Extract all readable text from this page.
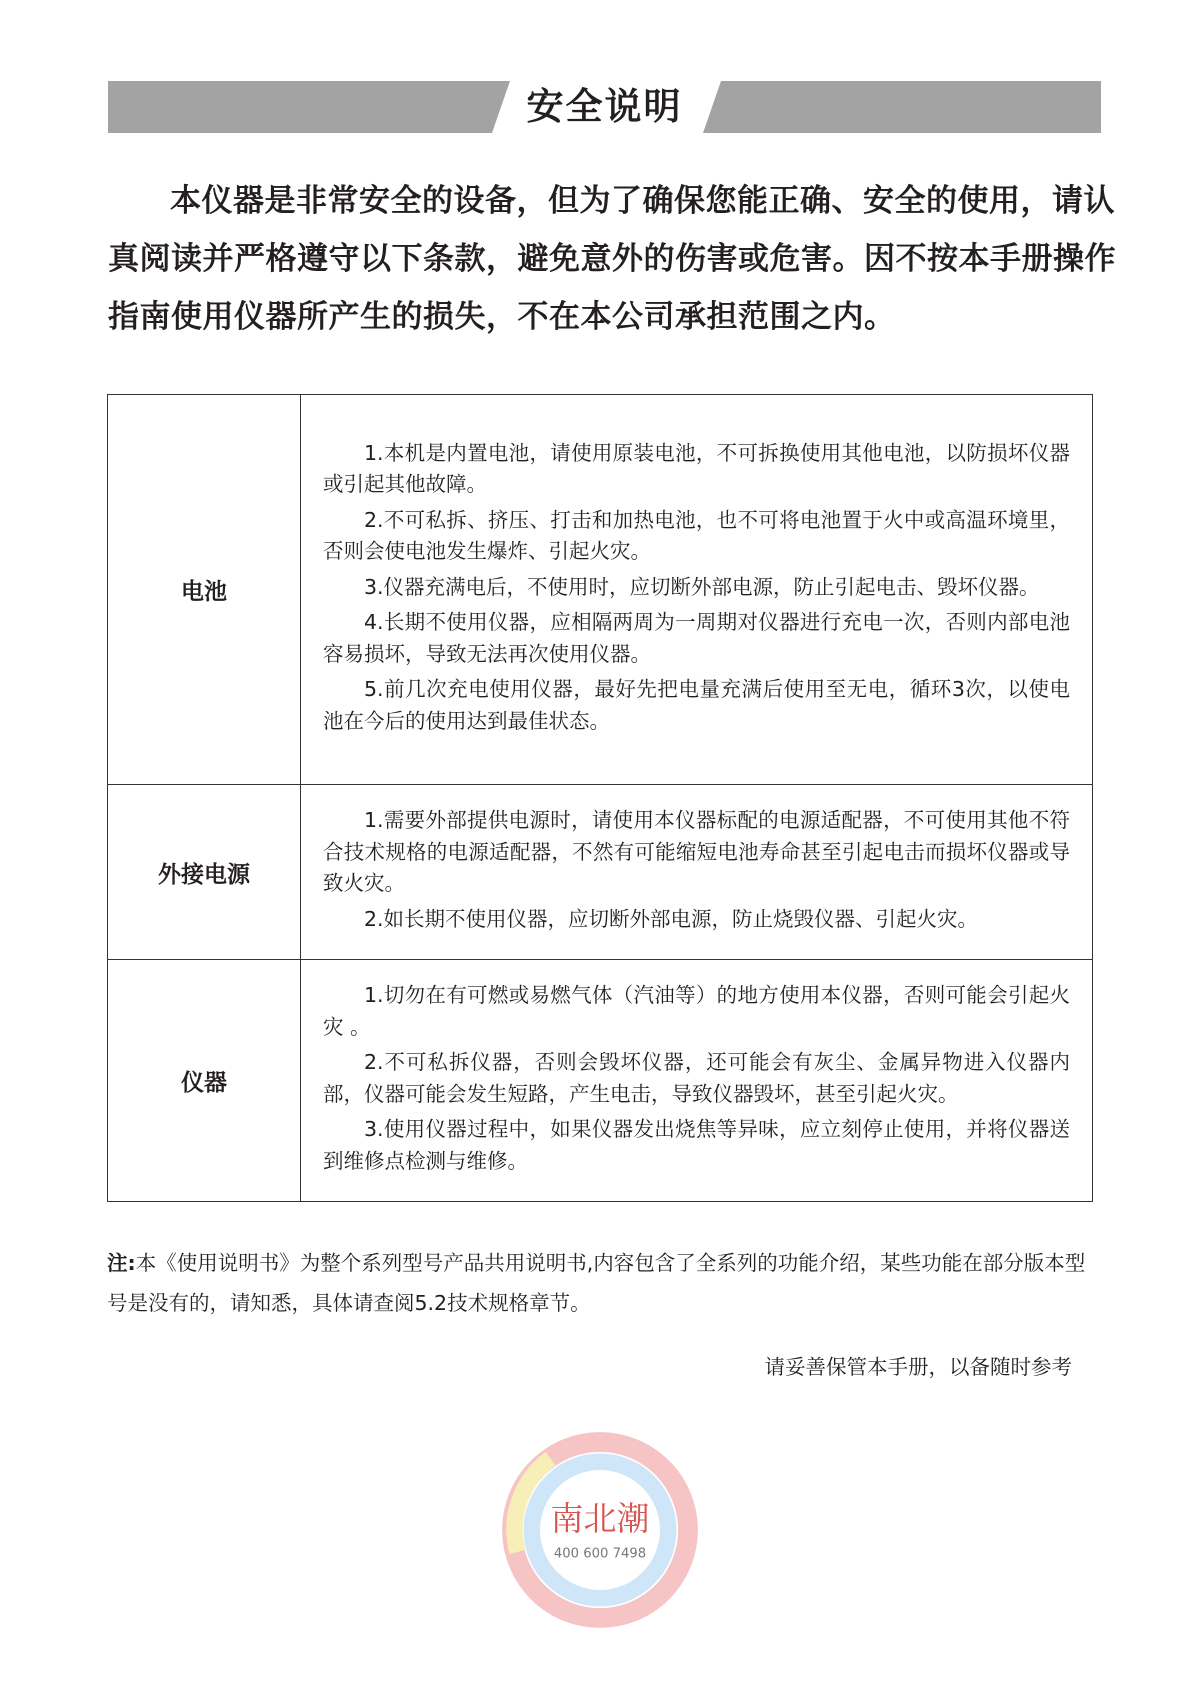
安全说明
本仪器是非常安全的设备，但为了确保您能正确、安全的使用，请认真阅读并严格遵守以下条款，避免意外的伤害或危害。因不按本手册操作指南使用仪器所产生的损失，不在本公司承担范围之内。
电池	1.本机是内置电池，请使用原装电池，不可拆换使用其他电池，以防损坏仪器或引起其他故障。

2.不可私拆、挤压、打击和加热电池，也不可将电池置于火中或高温环境里，否则会使电池发生爆炸、引起火灾。

3.仪器充满电后，不使用时，应切断外部电源，防止引起电击、毁坏仪器。

4.长期不使用仪器，应相隔两周为一周期对仪器进行充电一次，否则内部电池容易损坏，导致无法再次使用仪器。

5.前几次充电使用仪器，最好先把电量充满后使用至无电，循环3次，以使电池在今后的使用达到最佳状态。

外接电源	1.需要外部提供电源时，请使用本仪器标配的电源适配器，不可使用其他不符合技术规格的电源适配器，不然有可能缩短电池寿命甚至引起电击而损坏仪器或导致火灾。

2.如长期不使用仪器，应切断外部电源，防止烧毁仪器、引起火灾。

仪器	1.切勿在有可燃或易燃气体（汽油等）的地方使用本仪器，否则可能会引起火灾 。

2.不可私拆仪器，否则会毁坏仪器，还可能会有灰尘、金属异物进入仪器内部，仪器可能会发生短路，产生电击，导致仪器毁坏，甚至引起火灾。

3.使用仪器过程中，如果仪器发出烧焦等异味，应立刻停止使用，并将仪器送到维修点检测与维修。

注:本《使用说明书》为整个系列型号产品共用说明书,内容包含了全系列的功能介绍，某些功能在部分版本型号是没有的，请知悉，具体请查阅5.2技术规格章节。
请妥善保管本手册，以备随时参考
南北潮
400 600 7498
